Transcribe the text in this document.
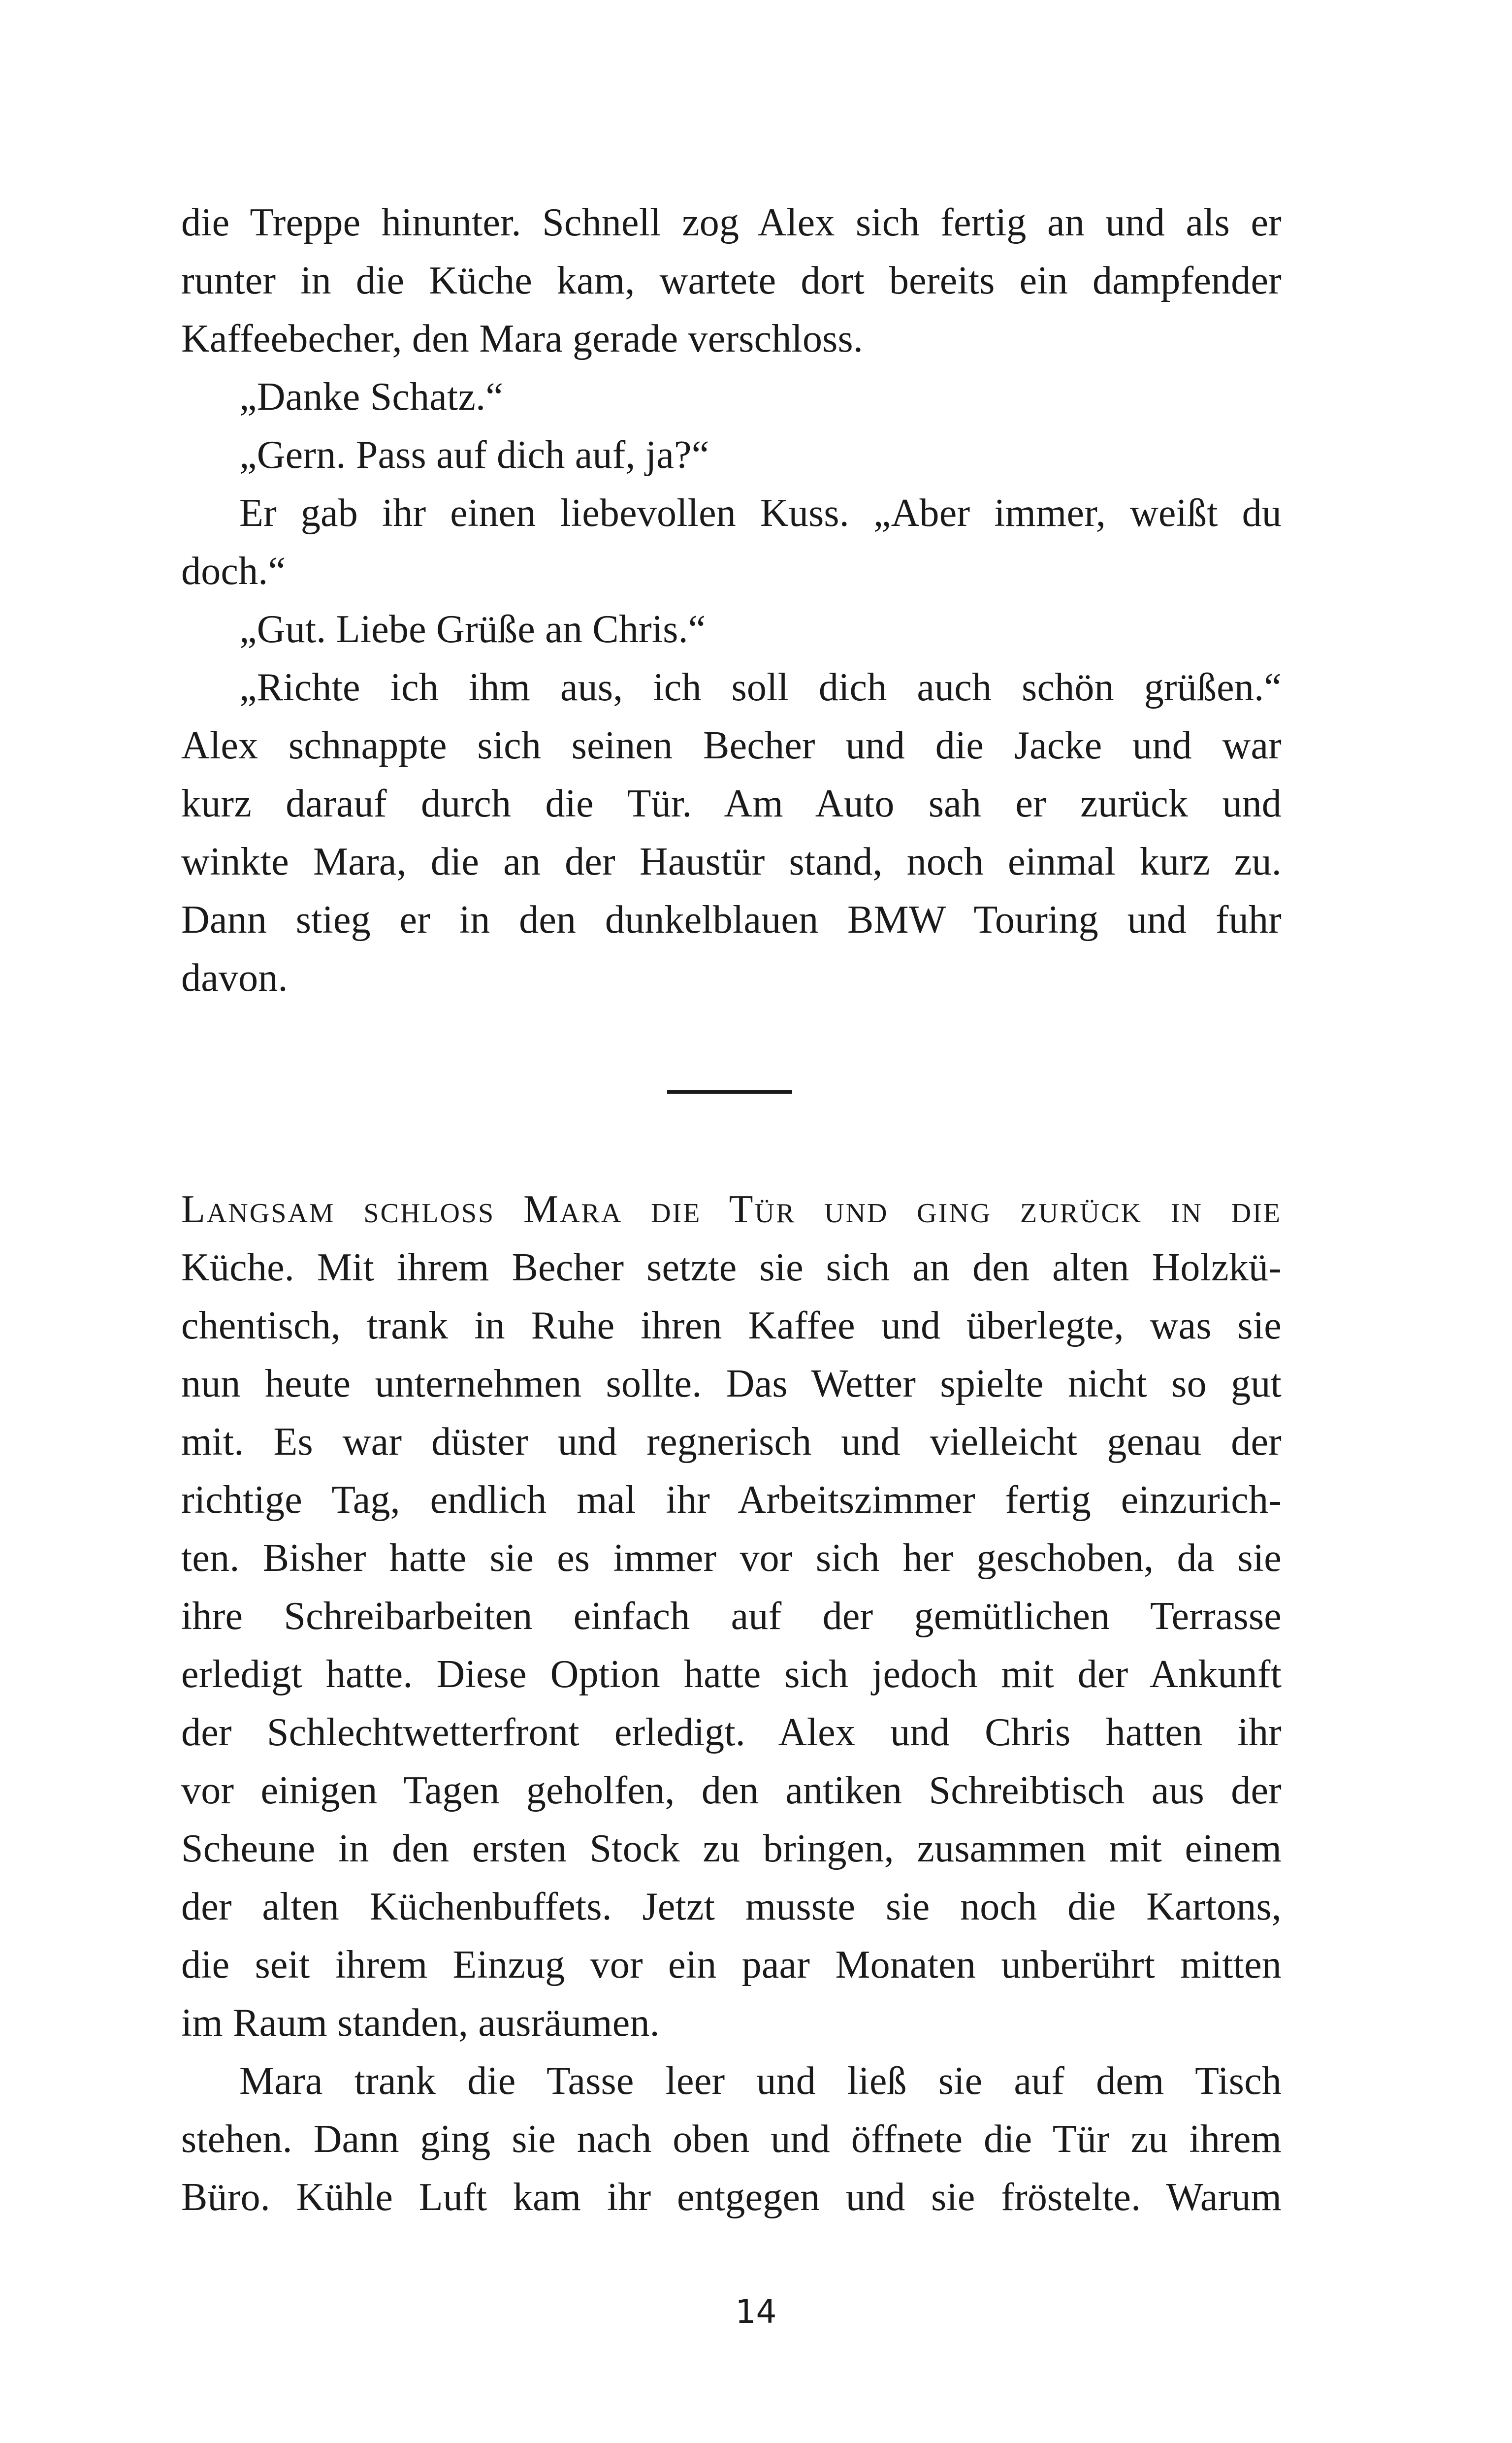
die Treppe hinunter. Schnell zog Alex sich fertig an und als er
runter in die Küche kam, wartete dort bereits ein dampfender
Kaffeebecher, den Mara gerade verschloss.
„Danke Schatz.“
„Gern. Pass auf dich auf, ja?“
Er gab ihr einen liebevollen Kuss. „Aber immer, weißt du
doch.“
„Gut. Liebe Grüße an Chris.“
„Richte ich ihm aus, ich soll dich auch schön grüßen.“
Alex schnappte sich seinen Becher und die Jacke und war
kurz darauf durch die Tür. Am Auto sah er zurück und
winkte Mara, die an der Haustür stand, noch einmal kurz zu.
Dann stieg er in den dunkelblauen BMW Touring und fuhr
davon.
Langsam schloss Mara die Tür und ging zurück in die
Küche. Mit ihrem Becher setzte sie sich an den alten Holzkü-
chentisch, trank in Ruhe ihren Kaffee und überlegte, was sie
nun heute unternehmen sollte. Das Wetter spielte nicht so gut
mit. Es war düster und regnerisch und vielleicht genau der
richtige Tag, endlich mal ihr Arbeitszimmer fertig einzurich-
ten. Bisher hatte sie es immer vor sich her geschoben, da sie
ihre Schreibarbeiten einfach auf der gemütlichen Terrasse
erledigt hatte. Diese Option hatte sich jedoch mit der Ankunft
der Schlechtwetterfront erledigt. Alex und Chris hatten ihr
vor einigen Tagen geholfen, den antiken Schreibtisch aus der
Scheune in den ersten Stock zu bringen, zusammen mit einem
der alten Küchenbuffets. Jetzt musste sie noch die Kartons,
die seit ihrem Einzug vor ein paar Monaten unberührt mitten
im Raum standen, ausräumen.
Mara trank die Tasse leer und ließ sie auf dem Tisch
stehen. Dann ging sie nach oben und öffnete die Tür zu ihrem
Büro. Kühle Luft kam ihr entgegen und sie fröstelte. Warum
14
